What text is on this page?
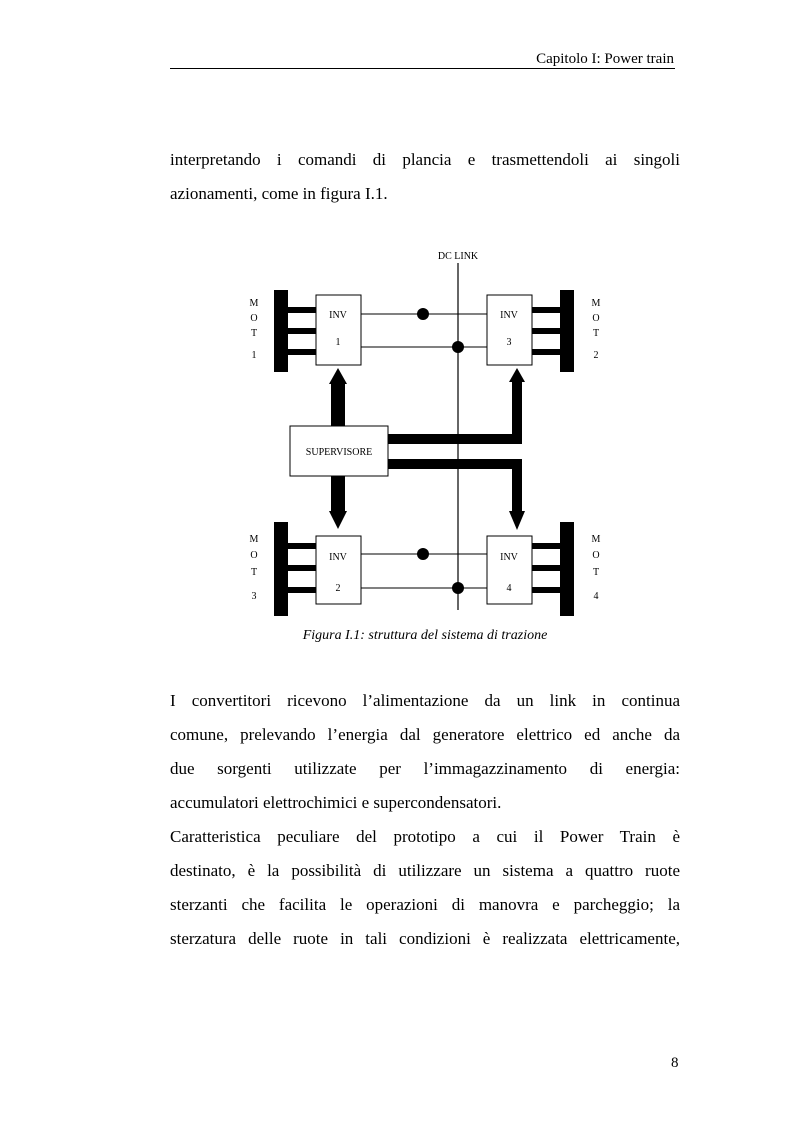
Capitolo I: Power train

interpretando i comandi di plancia e trasmettendoli ai singoli
azionamenti, come in figura I.1.

DC LINK
M
O
T
1
INV
1
M
O
T
2
INV
3
SUPERVISORE
M
O
T
3
INV
2
M
O
T
4
INV
4
Figura I.1: struttura del sistema di trazione

I convertitori ricevono l’alimentazione da un link in continua
comune, prelevando l’energia dal generatore elettrico ed anche da
due sorgenti utilizzate per l’immagazzinamento di energia:
accumulatori elettrochimici e supercondensatori.

Caratteristica peculiare del prototipo a cui il Power Train è
destinato, è la possibilità di utilizzare un sistema a quattro ruote
sterzanti che facilita le operazioni di manovra e parcheggio; la
sterzatura delle ruote in tali condizioni è realizzata elettricamente,

8
